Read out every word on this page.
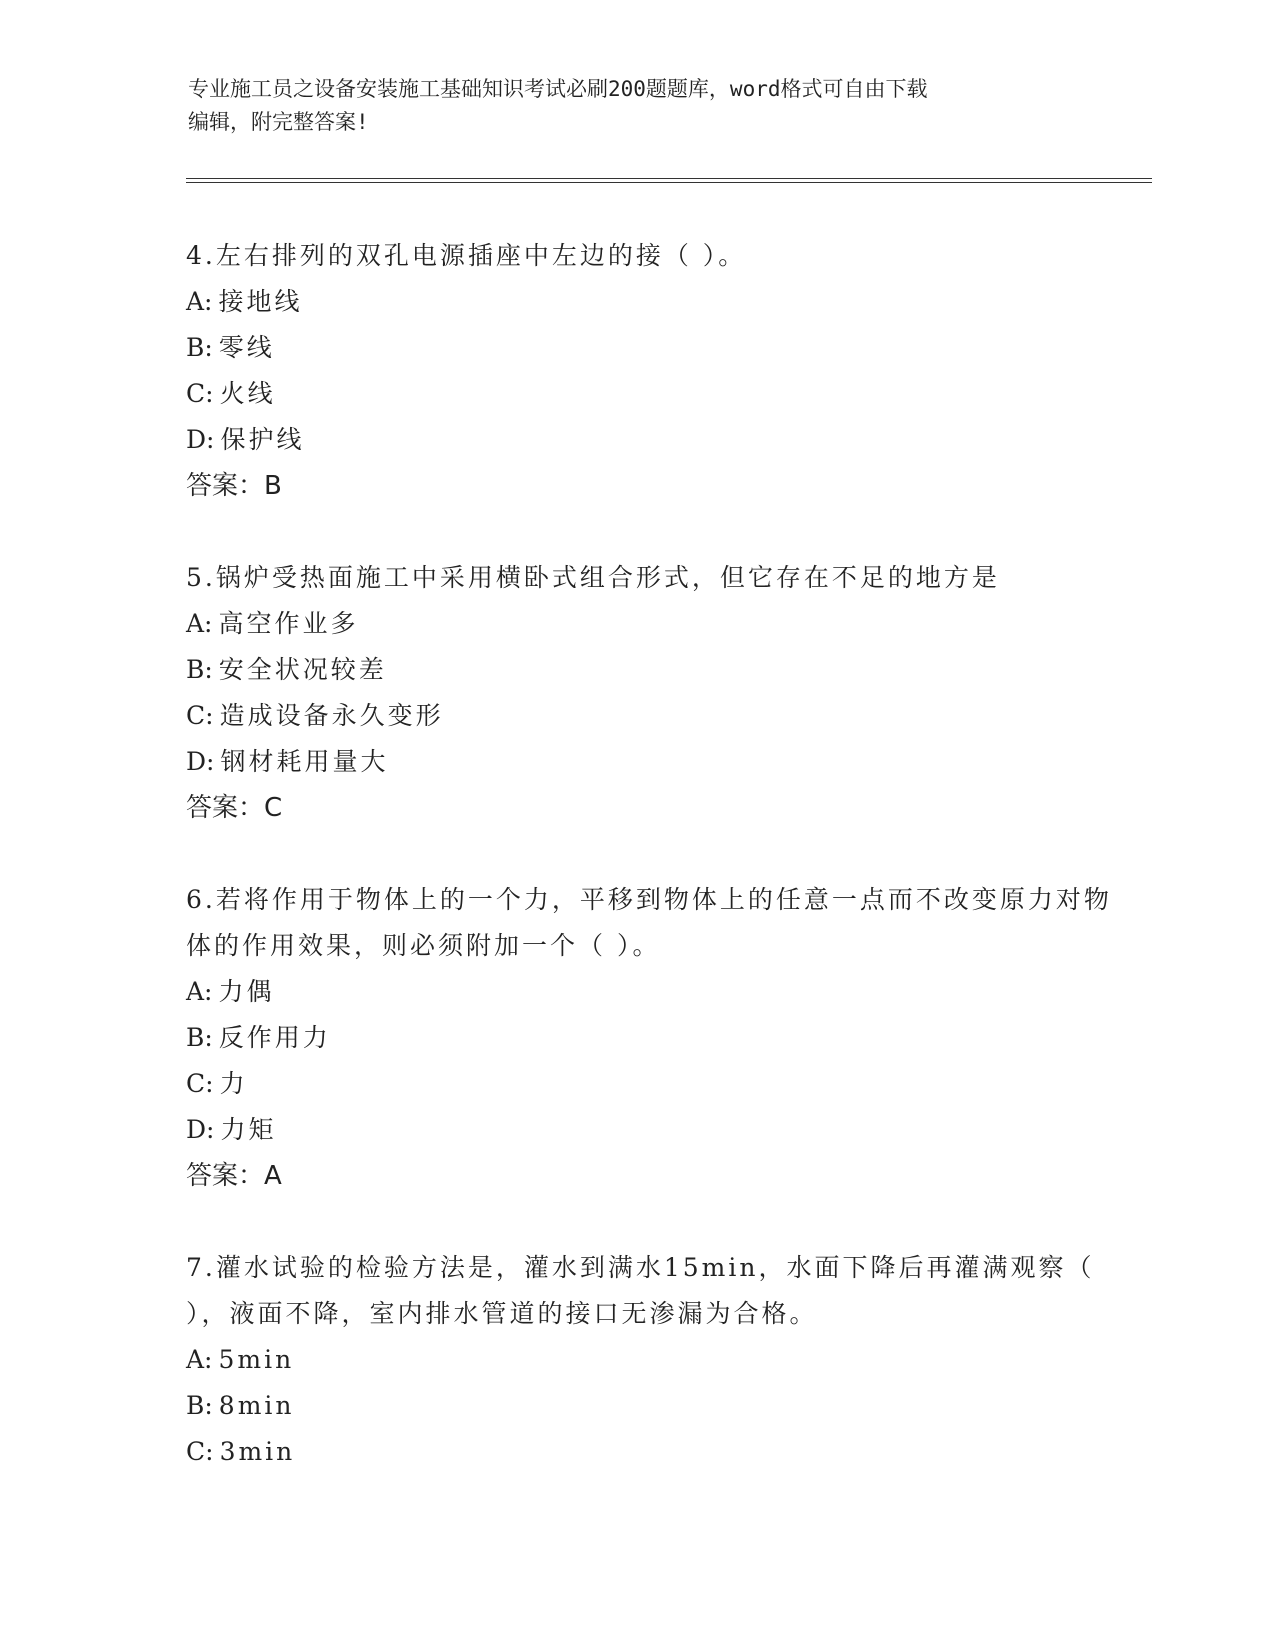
专业施工员之设备安装施工基础知识考试必刷200题题库，word格式可自由下载
编辑，附完整答案!

4.左右排列的双孔电源插座中左边的接（ ）。

A: 接地线

B: 零线

C: 火线

D: 保护线

答案：B

5.锅炉受热面施工中采用横卧式组合形式，但它存在不足的地方是

A: 高空作业多

B: 安全状况较差

C: 造成设备永久变形

D: 钢材耗用量大

答案：C

6.若将作用于物体上的一个力，平移到物体上的任意一点而不改变原力对物体的作用效果，则必须附加一个（ ）。

A: 力偶

B: 反作用力

C: 力

D: 力矩

答案：A

7.灌水试验的检验方法是，灌水到满水15min，水面下降后再灌满观察（ ），液面不降，室内排水管道的接口无渗漏为合格。

A: 5min

B: 8min

C: 3min
